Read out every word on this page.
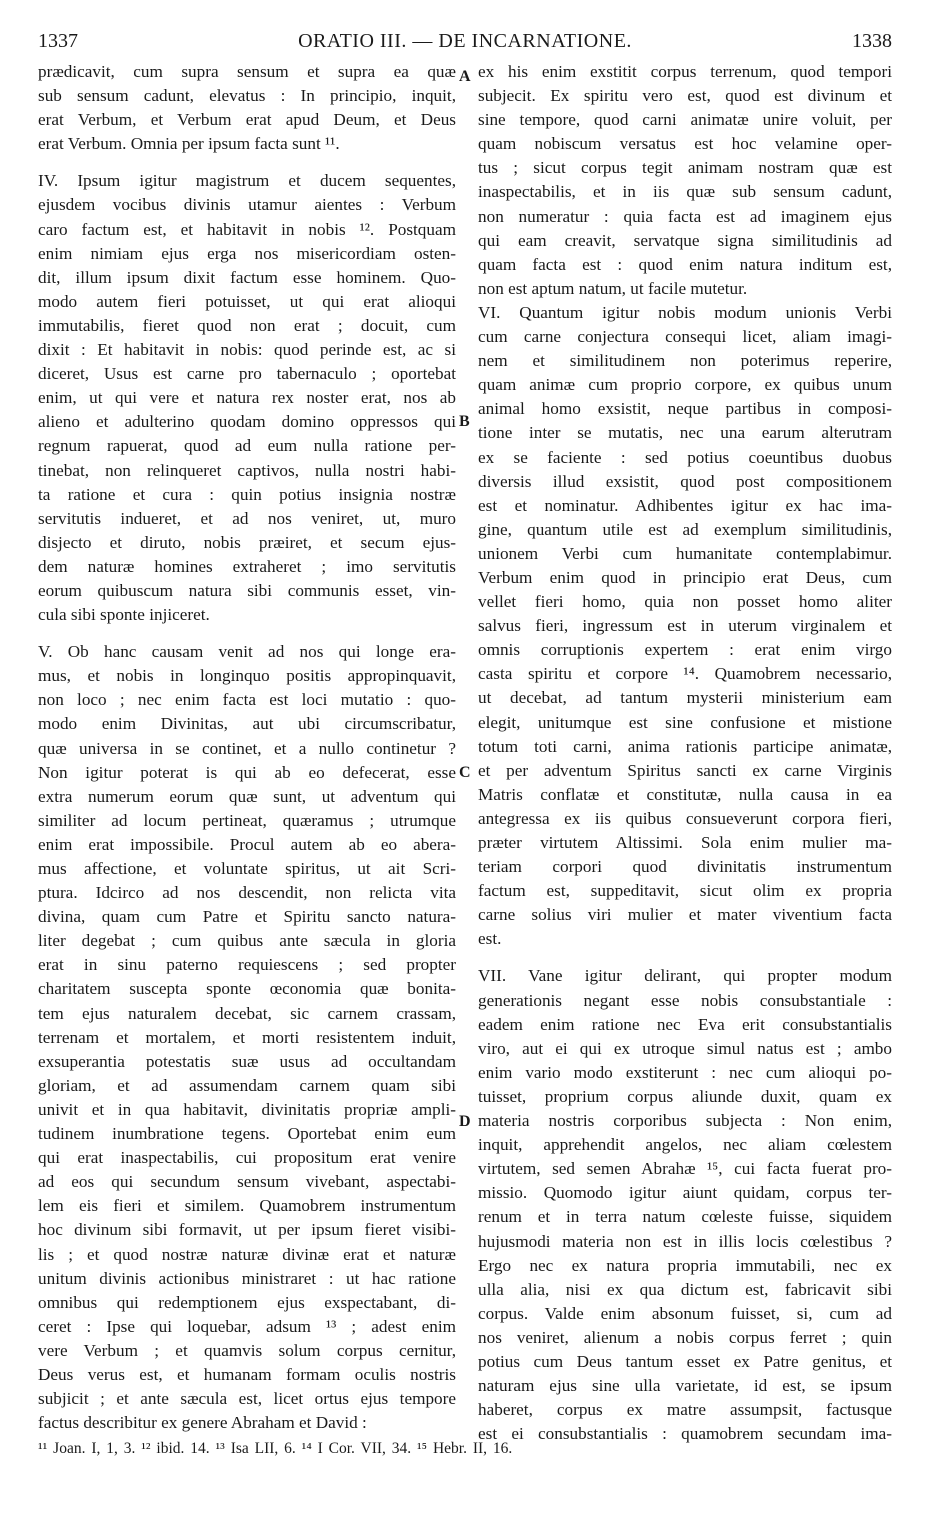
1337	ORATIO III. — DE INCARNATIONE.	1338
prædicavit, cum supra sensum et supra ea quæ
sub sensum cadunt, elevatus : In principio, inquit,
erat Verbum, et Verbum erat apud Deum, et Deus
erat Verbum. Omnia per ipsum facta sunt ¹¹.
IV. Ipsum igitur magistrum et ducem sequentes,
ejusdem vocibus divinis utamur aientes : Verbum
caro factum est, et habitavit in nobis ¹². Postquam
enim nimiam ejus erga nos misericordiam osten-
dit, illum ipsum dixit factum esse hominem. Quo-
modo autem fieri potuisset, ut qui erat alioqui
immutabilis, fieret quod non erat ; docuit, cum
dixit : Et habitavit in nobis: quod perinde est, ac si
diceret, Usus est carne pro tabernaculo ; oportebat
enim, ut qui vere et natura rex noster erat, nos ab
alieno et adulterino quodam domino oppressos qui
regnum rapuerat, quod ad eum nulla ratione per-
tinebat, non relinqueret captivos, nulla nostri habi-
ta ratione et cura : quin potius insignia nostræ
servitutis indueret, et ad nos veniret, ut, muro
disjecto et diruto, nobis præiret, et secum ejus-
dem naturæ homines extraheret ; imo servitutis
eorum quibuscum natura sibi communis esset, vin-
cula sibi sponte injiceret.
V. Ob hanc causam venit ad nos qui longe era-
mus, et nobis in longinquo positis appropinquavit,
non loco ; nec enim facta est loci mutatio : quo-
modo enim Divinitas, aut ubi circumscribatur,
quæ universa in se continet, et a nullo continetur ?
Non igitur poterat is qui ab eo defecerat, esse
extra numerum eorum quæ sunt, ut adventum qui
similiter ad locum pertineat, quæramus ; utrumque
enim erat impossibile. Procul autem ab eo aberа-
mus affectione, et voluntate spiritus, ut ait Scri-
ptura. Idcirco ad nos descendit, non relicta vita
divina, quam cum Patre et Spiritu sancto natura-
liter degebat ; cum quibus ante sæcula in gloria
erat in sinu paterno requiescens ; sed propter
charitatem suscepta sponte œconomia quæ bonita-
tem ejus naturalem decebat, sic carnem crassam,
terrenam et mortalem, et morti resistentem induit,
exsuperantia potestatis suæ usus ad occultandam
gloriam, et ad assumendam carnem quam sibi
univit et in qua habitavit, divinitatis propriæ ampli-
tudinem inumbratione tegens. Oportebat enim eum
qui erat inaspectabilis, cui propositum erat venire
ad eos qui secundum sensum vivebant, aspectabi-
lem eis fieri et similem. Quamobrem instrumentum
hoc divinum sibi formavit, ut per ipsum fieret visibi-
lis ; et quod nostræ naturæ divinæ erat et naturæ
unitum divinis actionibus ministraret : ut hac ratione
omnibus qui redemptionem ejus exspectabant, di-
ceret : Ipse qui loquebar, adsum ¹³ ; adest enim
vere Verbum ; et quamvis solum corpus cernitur,
Deus verus est, et humanam formam oculis nostris
subjicit ; et ante sæcula est, licet ortus ejus tempore
factus describitur ex genere Abraham et David :
ex his enim exstitit corpus terrenum, quod tempori
subjecit. Ex spiritu vero est, quod est divinum et
sine tempore, quod carni animatæ unire voluit, per
quam nobiscum versatus est hoc velamine oper-
tus ; sicut corpus tegit animam nostram quæ est
inaspectabilis, et in iis quæ sub sensum cadunt,
non numeratur : quia facta est ad imaginem ejus
qui eam creavit, servatque signa similitudinis ad
quam facta est : quod enim natura inditum est,
non est aptum natum, ut facile mutetur.
VI. Quantum igitur nobis modum unionis Verbi
cum carne conjectura consequi licet, aliam imagi-
nem et similitudinem non poterimus reperire,
quam animæ cum proprio corpore, ex quibus unum
animal homo exsistit, neque partibus in composi-
tione inter se mutatis, nec una earum alterutram
ex se faciente : sed potius coeuntibus duobus
diversis illud exsistit, quod post compositionem
est et nominatur. Adhibentes igitur ex hac ima-
gine, quantum utile est ad exemplum similitudinis,
unionem Verbi cum humanitate contemplabimur.
Verbum enim quod in principio erat Deus, cum
vellet fieri homo, quia non posset homo aliter
salvus fieri, ingressum est in uterum virginalem et
omnis corruptionis expertem : erat enim virgo
casta spiritu et corpore ¹⁴. Quamobrem necessario,
ut decebat, ad tantum mysterii ministerium eam
elegit, unitumque est sine confusione et mistione
totum toti carni, anima rationis participe animatæ,
et per adventum Spiritus sancti ex carne Virginis
Matris conflatæ et constitutæ, nulla causa in ea
antegressa ex iis quibus consueverunt corpora fieri,
præter virtutem Altissimi. Sola enim mulier ma-
teriam corpori quod divinitatis instrumentum
factum est, suppeditavit, sicut olim ex propria
carne solius viri mulier et mater viventium facta
est.
VII. Vane igitur delirant, qui propter modum
generationis negant esse nobis consubstantiale :
eadem enim ratione nec Eva erit consubstantialis
viro, aut ei qui ex utroque simul natus est ; ambo
enim vario modo exstiterunt : nec cum alioqui po-
tuisset, proprium corpus aliunde duxit, quam ex
materia nostris corporibus subjecta : Non enim,
inquit, apprehendit angelos, nec aliam cœlestem
virtutem, sed semen Abrahæ ¹⁵, cui facta fuerat pro-
missio. Quomodo igitur aiunt quidam, corpus ter-
renum et in terra natum cœleste fuisse, siquidem
hujusmodi materia non est in illis locis cœlestibus ?
Ergo nec ex natura propria immutabili, nec ex
ulla alia, nisi ex qua dictum est, fabricavit sibi
corpus. Valde enim absonum fuisset, si, cum ad
nos veniret, alienum a nobis corpus ferret ; quin
potius cum Deus tantum esset ex Patre genitus, et
naturam ejus sine ulla varietate, id est, se ipsum
haberet, corpus ex matre assumpsit, factusque
est ei consubstantialis : quamobrem secundam ima-
A
B
C
D
¹¹ Joan. I, 1, 3. ¹² ibid. 14. ¹³ Isa LII, 6. ¹⁴ I Cor. VII, 34. ¹⁵ Hebr. II, 16.
